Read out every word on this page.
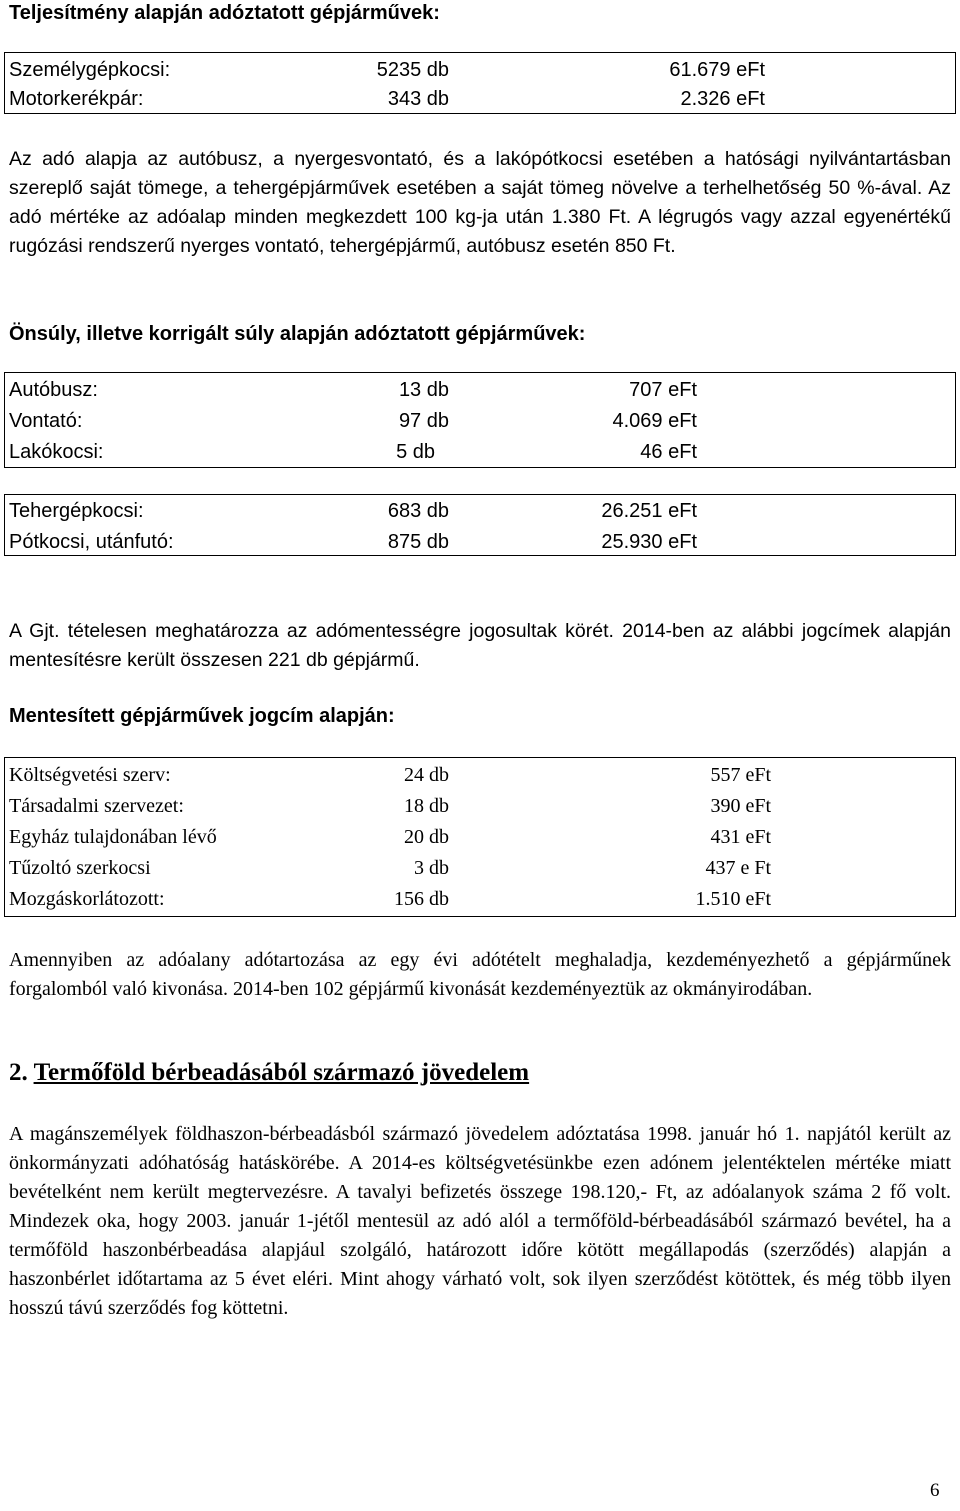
Teljesítmény alapján adóztatott gépjárművek:
Személygépkocsi:	5235 db	61.679 eFt
Motorkerékpár:	343 db	2.326 eFt

Az adó alapja az autóbusz, a nyergesvontató, és a lakópótkocsi esetében a hatósági nyilvántartásban szereplő saját tömege, a tehergépjárművek esetében a saját tömeg növelve a terhelhetőség 50 %-ával. Az adó mértéke az adóalap minden megkezdett 100 kg-ja után 1.380 Ft. A légrugós vagy azzal egyenértékű rugózási rendszerű nyerges vontató, tehergépjármű, autóbusz esetén 850 Ft.

Önsúly, illetve korrigált súly alapján adóztatott gépjárművek:
Autóbusz:	13 db	707 eFt
Vontató:	97 db	4.069 eFt
Lakókocsi:	5 db	46 eFt
Tehergépkocsi:	683 db	26.251 eFt
Pótkocsi, utánfutó:	875 db	25.930 eFt

A Gjt. tételesen meghatározza az adómentességre jogosultak körét. 2014-ben az alábbi jogcímek alapján mentesítésre került összesen 221 db gépjármű.

Mentesített gépjárművek jogcím alapján:
Költségvetési szerv:	24 db	557 eFt
Társadalmi szervezet:	18 db	390 eFt
Egyház tulajdonában lévő	20 db	431 eFt
Tűzoltó szerkocsi	3 db	437 e Ft
Mozgáskorlátozott:	156 db	1.510 eFt

Amennyiben az adóalany adótartozása az egy évi adótételt meghaladja, kezdeményezhető a gépjárműnek forgalomból való kivonása. 2014-ben 102 gépjármű kivonását kezdeményeztük az okmányirodában.

2. Termőföld bérbeadásából származó jövedelem

A magánszemélyek földhaszon-bérbeadásból származó jövedelem adóztatása 1998. január hó 1. napjától került az önkormányzati adóhatóság hatáskörébe. A 2014-es költségvetésünkbe ezen adónem jelentéktelen mértéke miatt bevételként nem került megtervezésre. A tavalyi befizetés összege 198.120,- Ft, az adóalanyok száma 2 fő volt. Mindezek oka, hogy 2003. január 1-jétől mentesül az adó alól a termőföld-bérbeadásából származó bevétel, ha a termőföld haszonbérbeadása alapjául szolgáló, határozott időre kötött megállapodás (szerződés) alapján a haszonbérlet időtartama az 5 évet eléri. Mint ahogy várható volt, sok ilyen szerződést kötöttek, és még több ilyen hosszú távú szerződés fog köttetni.

6
